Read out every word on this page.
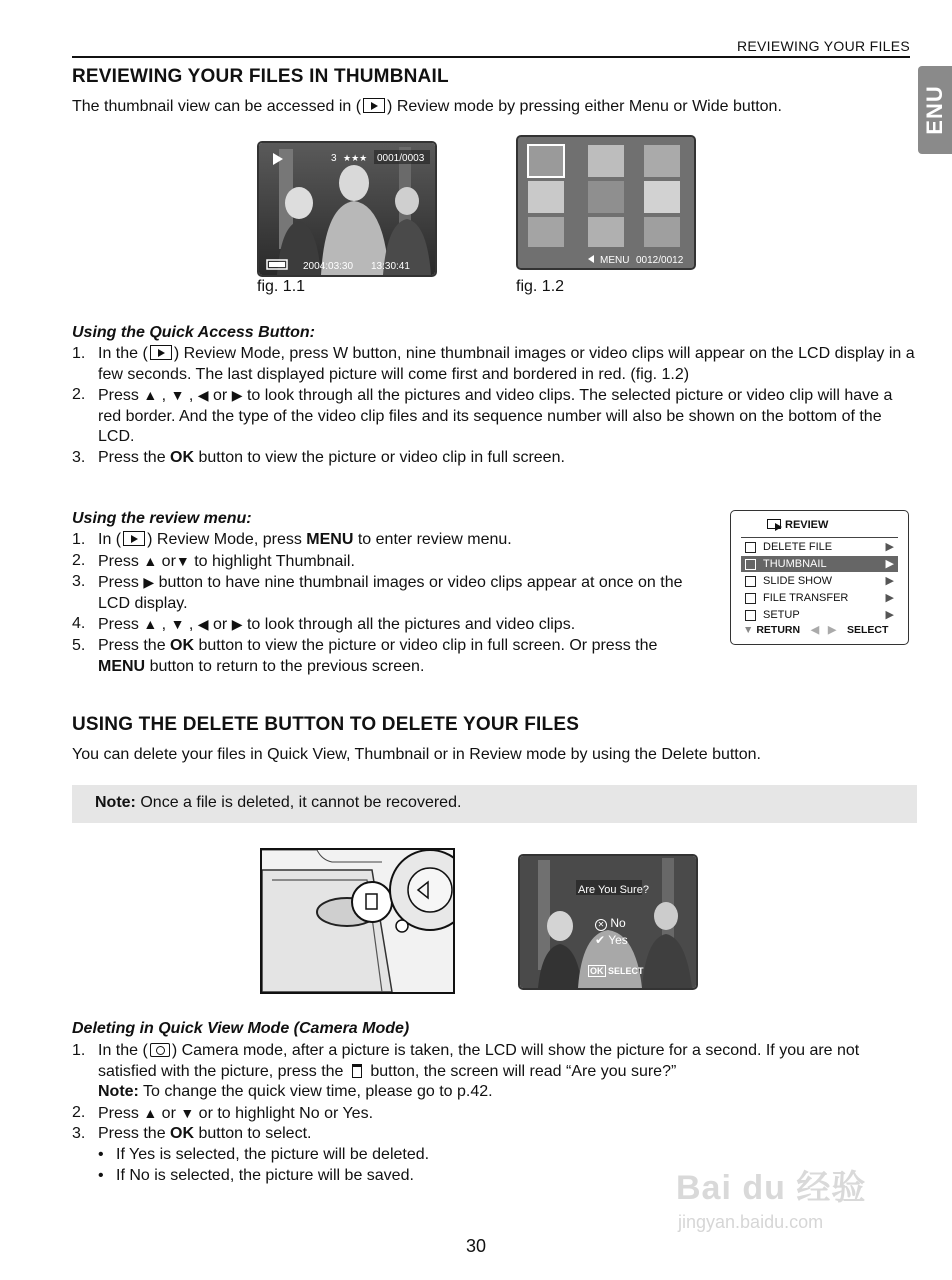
REVIEWING YOUR FILES
ENU
REVIEWING YOUR FILES IN THUMBNAIL
The thumbnail view can be accessed in ( ) Review mode by pressing either Menu or Wide button.
3 ★★★ 0001/0003
2004:03:30 13:30:41
fig. 1.1
MENU 0012/0012
fig. 1.2
Using the Quick Access Button:
1. In the ( ) Review Mode, press W button, nine thumbnail images or video clips will appear on the LCD display in a few seconds. The last displayed picture will come first and bordered in red. (fig. 1.2)
2. Press ▲ , ▼ , ◀ or ▶ to look through all the pictures and video clips. The selected picture or video clip will have a red border. And the type of the video clip files and its sequence number will also be shown on the bottom of the LCD.
3. Press the OK button to view the picture or video clip in full screen.
Using the review menu:
1. In ( ) Review Mode, press MENU to enter review menu.
2. Press ▲ or▼ to highlight Thumbnail.
3. Press ▶ button to have nine thumbnail images or video clips appear at once on the LCD display.
4. Press ▲ , ▼ , ◀ or ▶ to look through all the pictures and video clips.
5. Press the OK button to view the picture or video clip in full screen. Or press the MENU button to return to the previous screen.
REVIEW
DELETE FILE	▶
THUMBNAIL	▶
SLIDE SHOW	▶
FILE TRANSFER	▶
SETUP	▶
▼ RETURN ◀ ▶ SELECT
USING THE DELETE BUTTON TO DELETE YOUR FILES
You can delete your files in Quick View, Thumbnail or in Review mode by using the Delete button.
Note: Once a file is deleted, it cannot be recovered.
Are You Sure?
✕ No
✔ Yes
OK SELECT
Deleting in Quick View Mode (Camera Mode)
1. In the ( ) Camera mode, after a picture is taken, the LCD will show the picture for a second. If you are not satisfied with the picture, press the button, the screen will read “Are you sure?”
Note: To change the quick view time, please go to p.42.
2. Press ▲ or ▼ or to highlight No or Yes.
3. Press the OK button to select.
• If Yes is selected, the picture will be deleted.
• If No is selected, the picture will be saved.	Bai du 经验
jingyan.baidu.com
30
